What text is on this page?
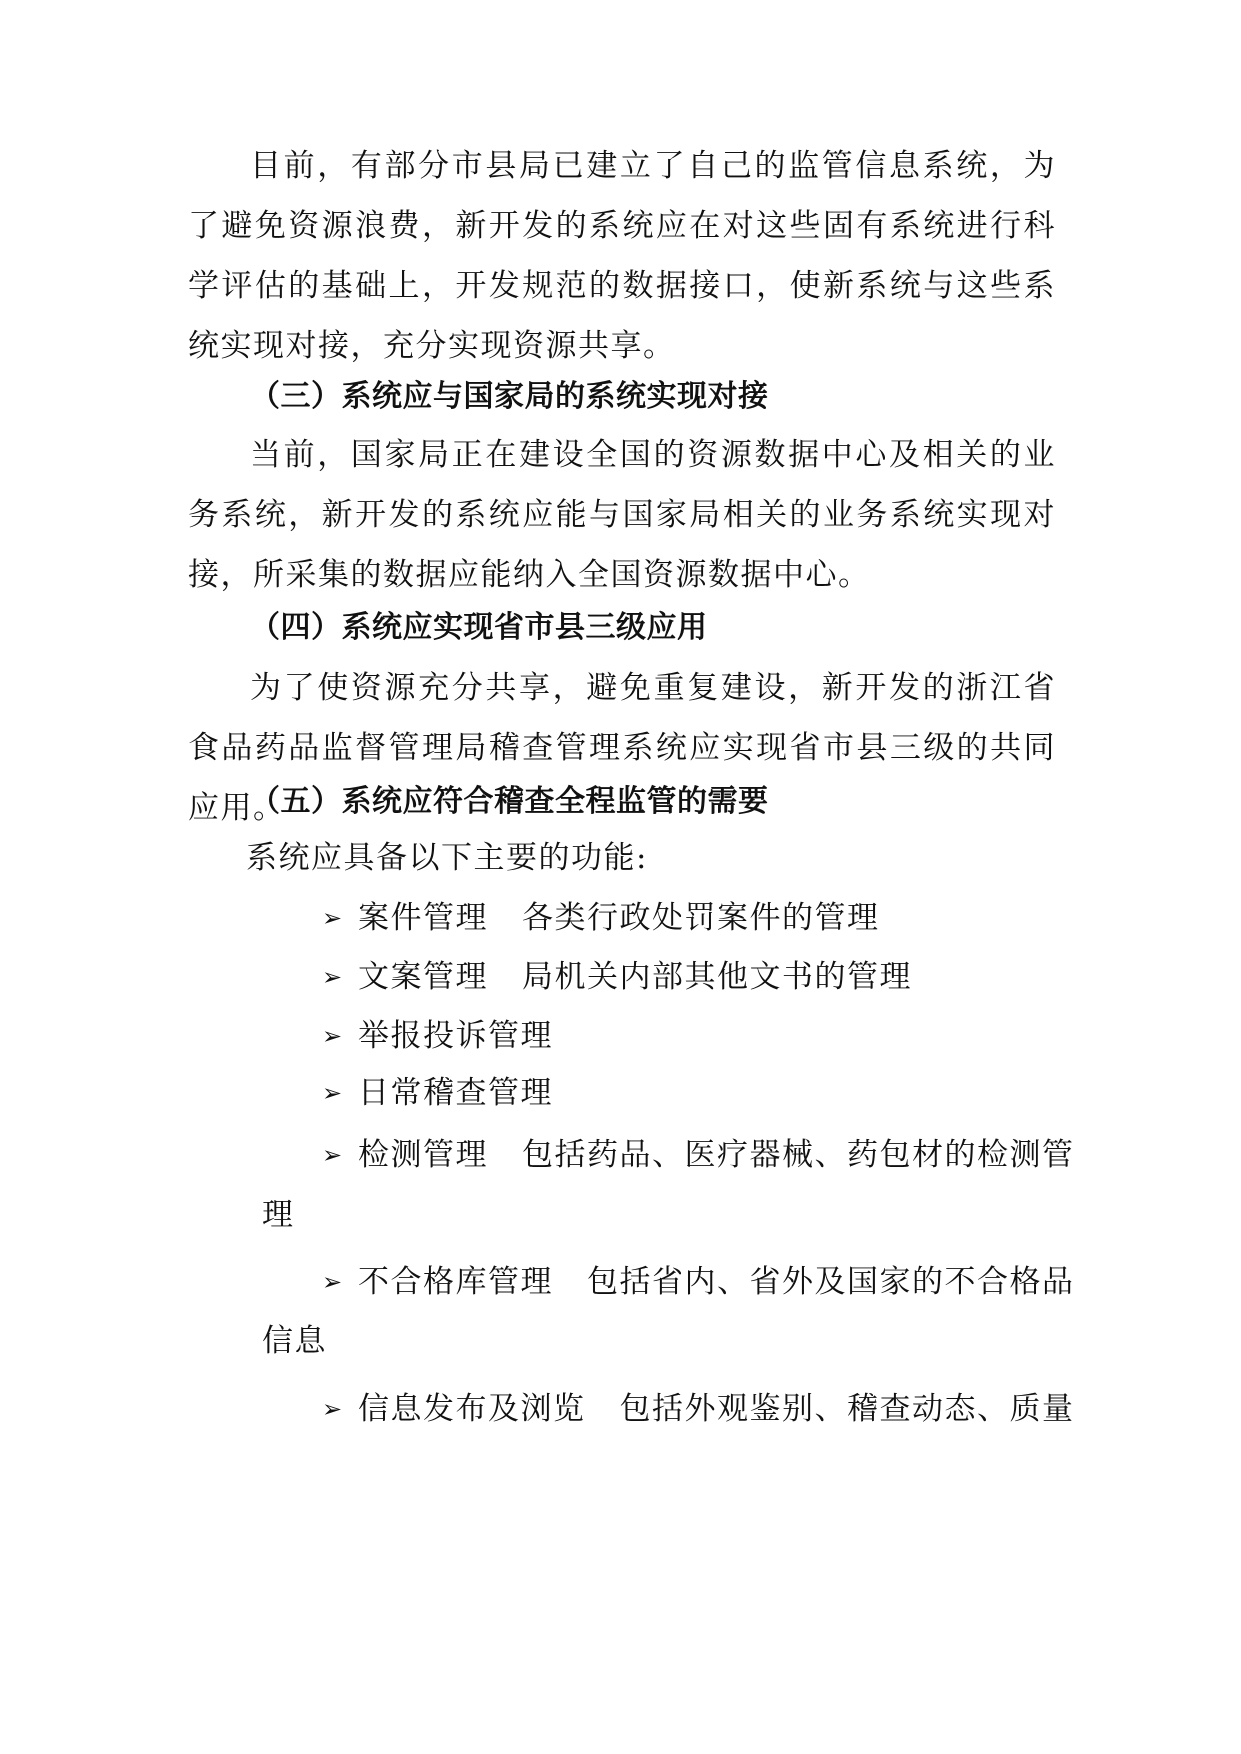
目前，有部分市县局已建立了自己的监管信息系统，为了避免资源浪费，新开发的系统应在对这些固有系统进行科学评估的基础上，开发规范的数据接口，使新系统与这些系统实现对接，充分实现资源共享。

（三）系统应与国家局的系统实现对接

当前，国家局正在建设全国的资源数据中心及相关的业务系统，新开发的系统应能与国家局相关的业务系统实现对接，所采集的数据应能纳入全国资源数据中心。

（四）系统应实现省市县三级应用

为了使资源充分共享，避免重复建设，新开发的浙江省食品药品监督管理局稽查管理系统应实现省市县三级的共同应用。

（五）系统应符合稽查全程监管的需要

系统应具备以下主要的功能:

➢ 案件管理 各类行政处罚案件的管理

➢ 文案管理 局机关内部其他文书的管理

➢ 举报投诉管理

➢ 日常稽查管理

➢ 检测管理 包括药品、医疗器械、药包材的检测管

理

➢ 不合格库管理 包括省内、省外及国家的不合格品

信息

➢ 信息发布及浏览 包括外观鉴别、稽查动态、质量
